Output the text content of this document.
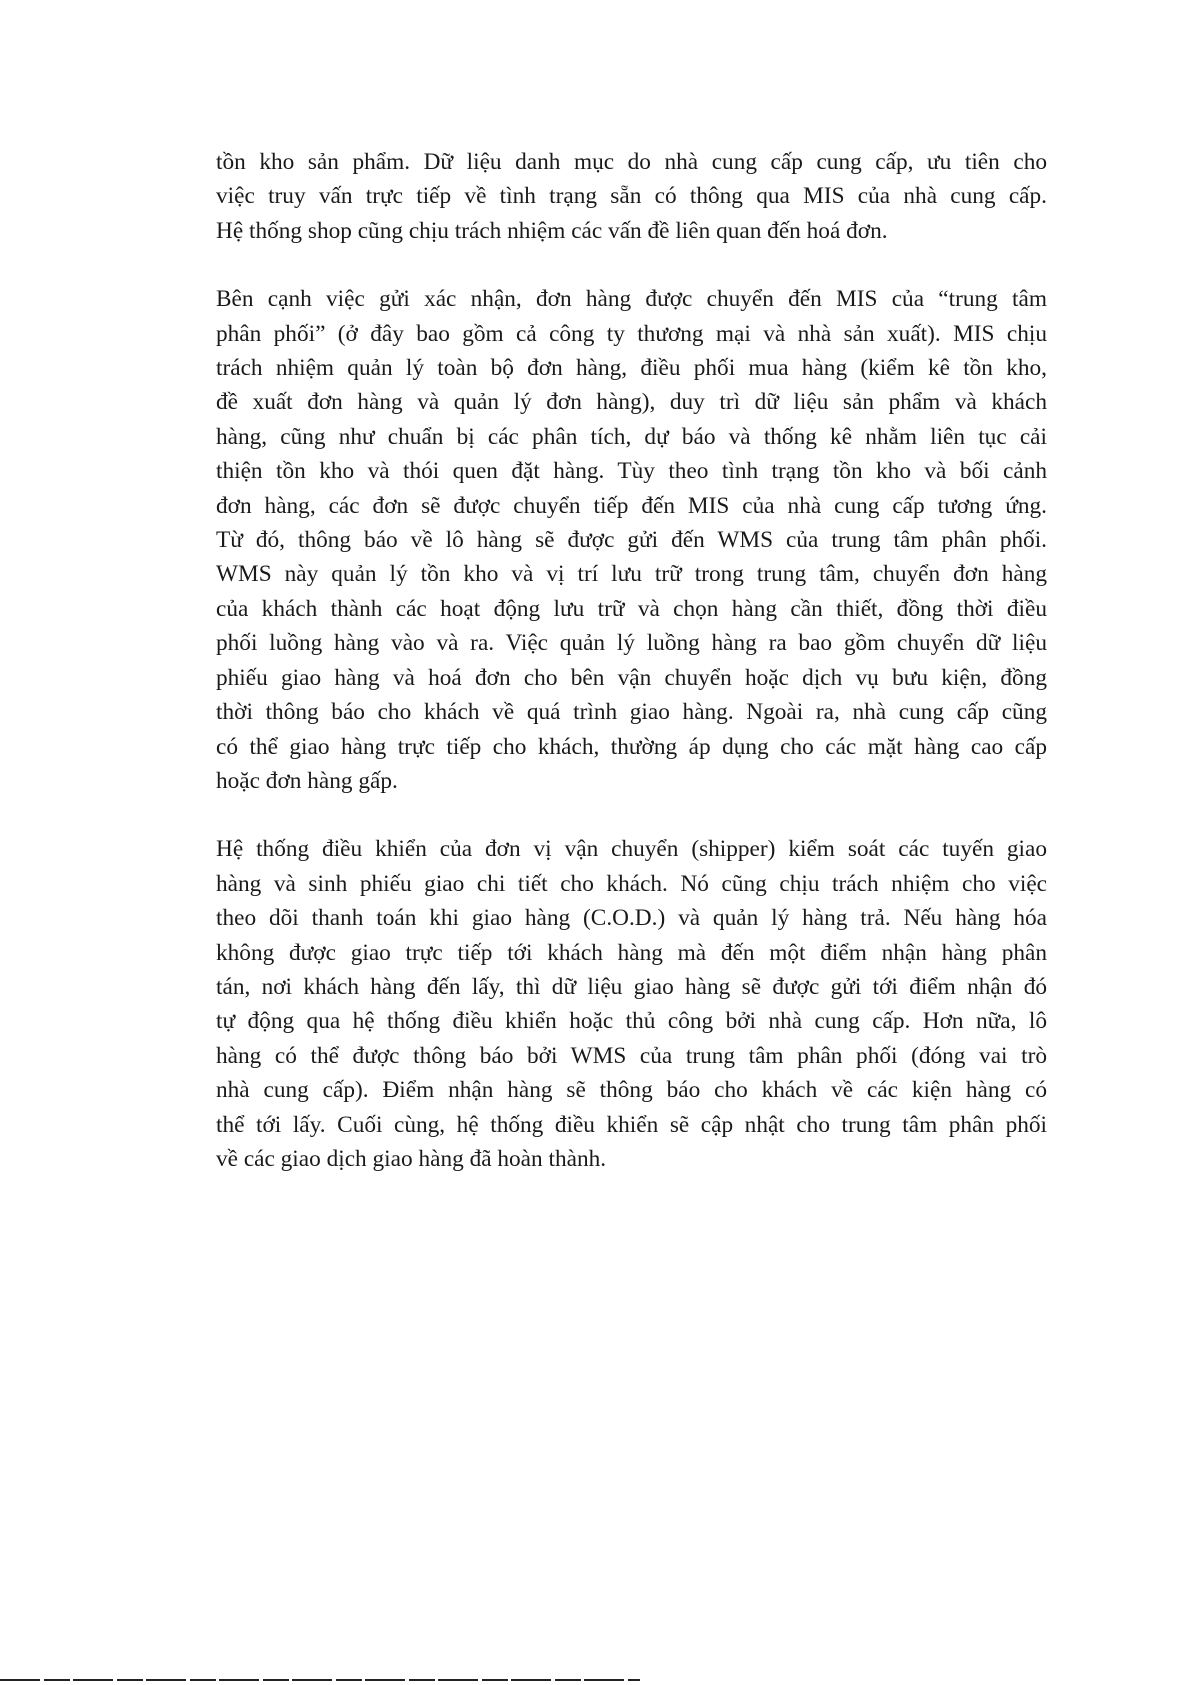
tồn kho sản phẩm. Dữ liệu danh mục do nhà cung cấp cung cấp, ưu tiên cho
việc truy vấn trực tiếp về tình trạng sẵn có thông qua MIS của nhà cung cấp.
Hệ thống shop cũng chịu trách nhiệm các vấn đề liên quan đến hoá đơn.

Bên cạnh việc gửi xác nhận, đơn hàng được chuyển đến MIS của “trung tâm
phân phối” (ở đây bao gồm cả công ty thương mại và nhà sản xuất). MIS chịu
trách nhiệm quản lý toàn bộ đơn hàng, điều phối mua hàng (kiểm kê tồn kho,
đề xuất đơn hàng và quản lý đơn hàng), duy trì dữ liệu sản phẩm và khách
hàng, cũng như chuẩn bị các phân tích, dự báo và thống kê nhằm liên tục cải
thiện tồn kho và thói quen đặt hàng. Tùy theo tình trạng tồn kho và bối cảnh
đơn hàng, các đơn sẽ được chuyển tiếp đến MIS của nhà cung cấp tương ứng.
Từ đó, thông báo về lô hàng sẽ được gửi đến WMS của trung tâm phân phối.
WMS này quản lý tồn kho và vị trí lưu trữ trong trung tâm, chuyển đơn hàng
của khách thành các hoạt động lưu trữ và chọn hàng cần thiết, đồng thời điều
phối luồng hàng vào và ra. Việc quản lý luồng hàng ra bao gồm chuyển dữ liệu
phiếu giao hàng và hoá đơn cho bên vận chuyển hoặc dịch vụ bưu kiện, đồng
thời thông báo cho khách về quá trình giao hàng. Ngoài ra, nhà cung cấp cũng
có thể giao hàng trực tiếp cho khách, thường áp dụng cho các mặt hàng cao cấp
hoặc đơn hàng gấp.

Hệ thống điều khiển của đơn vị vận chuyển (shipper) kiểm soát các tuyến giao
hàng và sinh phiếu giao chi tiết cho khách. Nó cũng chịu trách nhiệm cho việc
theo dõi thanh toán khi giao hàng (C.O.D.) và quản lý hàng trả. Nếu hàng hóa
không được giao trực tiếp tới khách hàng mà đến một điểm nhận hàng phân
tán, nơi khách hàng đến lấy, thì dữ liệu giao hàng sẽ được gửi tới điểm nhận đó
tự động qua hệ thống điều khiển hoặc thủ công bởi nhà cung cấp. Hơn nữa, lô
hàng có thể được thông báo bởi WMS của trung tâm phân phối (đóng vai trò
nhà cung cấp). Điểm nhận hàng sẽ thông báo cho khách về các kiện hàng có
thể tới lấy. Cuối cùng, hệ thống điều khiển sẽ cập nhật cho trung tâm phân phối
về các giao dịch giao hàng đã hoàn thành.
